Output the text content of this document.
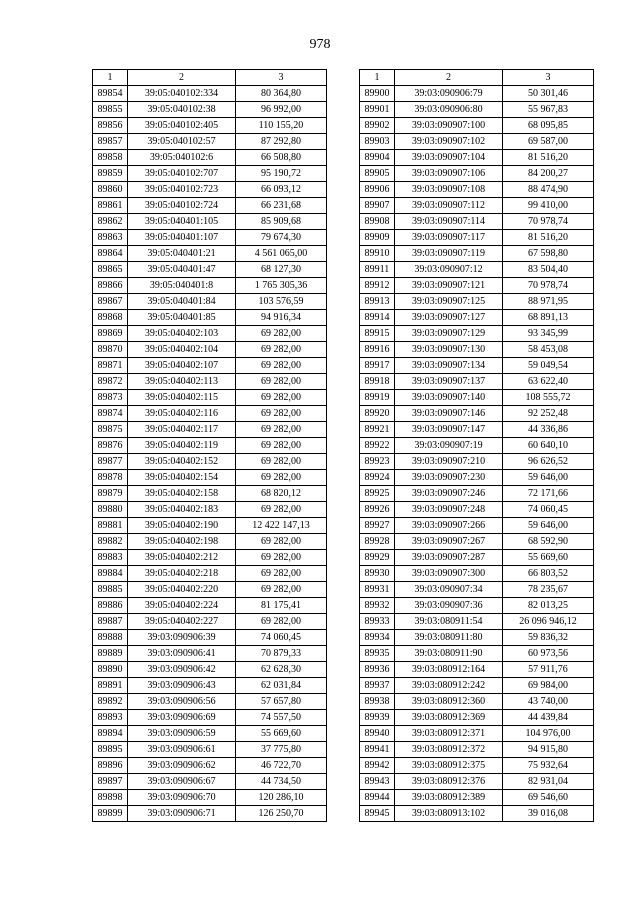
978
1	2	3
89854	39:05:040102:334	80 364,80
89855	39:05:040102:38	96 992,00
89856	39:05:040102:405	110 155,20
89857	39:05:040102:57	87 292,80
89858	39:05:040102:6	66 508,80
89859	39:05:040102:707	95 190,72
89860	39:05:040102:723	66 093,12
89861	39:05:040102:724	66 231,68
89862	39:05:040401:105	85 909,68
89863	39:05:040401:107	79 674,30
89864	39:05:040401:21	4 561 065,00
89865	39:05:040401:47	68 127,30
89866	39:05:040401:8	1 765 305,36
89867	39:05:040401:84	103 576,59
89868	39:05:040401:85	94 916,34
89869	39:05:040402:103	69 282,00
89870	39:05:040402:104	69 282,00
89871	39:05:040402:107	69 282,00
89872	39:05:040402:113	69 282,00
89873	39:05:040402:115	69 282,00
89874	39:05:040402:116	69 282,00
89875	39:05:040402:117	69 282,00
89876	39:05:040402:119	69 282,00
89877	39:05:040402:152	69 282,00
89878	39:05:040402:154	69 282,00
89879	39:05:040402:158	68 820,12
89880	39:05:040402:183	69 282,00
89881	39:05:040402:190	12 422 147,13
89882	39:05:040402:198	69 282,00
89883	39:05:040402:212	69 282,00
89884	39:05:040402:218	69 282,00
89885	39:05:040402:220	69 282,00
89886	39:05:040402:224	81 175,41
89887	39:05:040402:227	69 282,00
89888	39:03:090906:39	74 060,45
89889	39:03:090906:41	70 879,33
89890	39:03:090906:42	62 628,30
89891	39:03:090906:43	62 031,84
89892	39:03:090906:56	57 657,80
89893	39:03:090906:69	74 557,50
89894	39:03:090906:59	55 669,60
89895	39:03:090906:61	37 775,80
89896	39:03:090906:62	46 722,70
89897	39:03:090906:67	44 734,50
89898	39:03:090906:70	120 286,10
89899	39:03:090906:71	126 250,70
1	2	3
89900	39:03:090906:79	50 301,46
89901	39:03:090906:80	55 967,83
89902	39:03:090907:100	68 095,85
89903	39:03:090907:102	69 587,00
89904	39:03:090907:104	81 516,20
89905	39:03:090907:106	84 200,27
89906	39:03:090907:108	88 474,90
89907	39:03:090907:112	99 410,00
89908	39:03:090907:114	70 978,74
89909	39:03:090907:117	81 516,20
89910	39:03:090907:119	67 598,80
89911	39:03:090907:12	83 504,40
89912	39:03:090907:121	70 978,74
89913	39:03:090907:125	88 971,95
89914	39:03:090907:127	68 891,13
89915	39:03:090907:129	93 345,99
89916	39:03:090907:130	58 453,08
89917	39:03:090907:134	59 049,54
89918	39:03:090907:137	63 622,40
89919	39:03:090907:140	108 555,72
89920	39:03:090907:146	92 252,48
89921	39:03:090907:147	44 336,86
89922	39:03:090907:19	60 640,10
89923	39:03:090907:210	96 626,52
89924	39:03:090907:230	59 646,00
89925	39:03:090907:246	72 171,66
89926	39:03:090907:248	74 060,45
89927	39:03:090907:266	59 646,00
89928	39:03:090907:267	68 592,90
89929	39:03:090907:287	55 669,60
89930	39:03:090907:300	66 803,52
89931	39:03:090907:34	78 235,67
89932	39:03:090907:36	82 013,25
89933	39:03:080911:54	26 096 946,12
89934	39:03:080911:80	59 836,32
89935	39:03:080911:90	60 973,56
89936	39:03:080912:164	57 911,76
89937	39:03:080912:242	69 984,00
89938	39:03:080912:360	43 740,00
89939	39:03:080912:369	44 439,84
89940	39:03:080912:371	104 976,00
89941	39:03:080912:372	94 915,80
89942	39:03:080912:375	75 932,64
89943	39:03:080912:376	82 931,04
89944	39:03:080912:389	69 546,60
89945	39:03:080913:102	39 016,08
